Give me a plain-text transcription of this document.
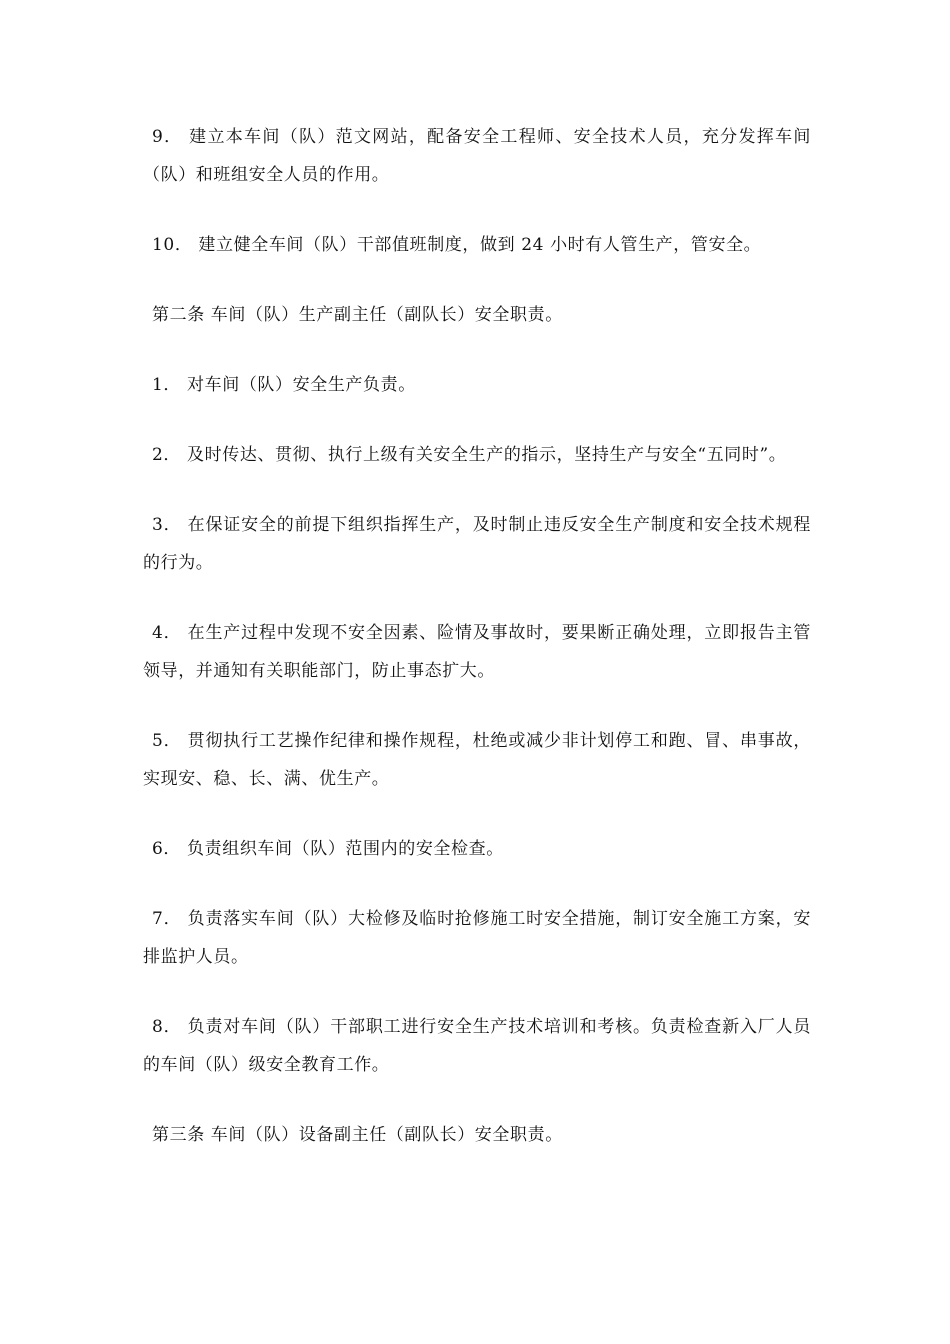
9． 建立本车间（队）范文网站，配备安全工程师、安全技术人员，充分发挥车间（队）和班组安全人员的作用。

10． 建立健全车间（队）干部值班制度，做到 24 小时有人管生产，管安全。

第二条 车间（队）生产副主任（副队长）安全职责。

1． 对车间（队）安全生产负责。

2． 及时传达、贯彻、执行上级有关安全生产的指示，坚持生产与安全“五同时”。

3． 在保证安全的前提下组织指挥生产，及时制止违反安全生产制度和安全技术规程的行为。

4． 在生产过程中发现不安全因素、险情及事故时，要果断正确处理，立即报告主管领导，并通知有关职能部门，防止事态扩大。

5． 贯彻执行工艺操作纪律和操作规程，杜绝或减少非计划停工和跑、冒、串事故，实现安、稳、长、满、优生产。

6． 负责组织车间（队）范围内的安全检查。

7． 负责落实车间（队）大检修及临时抢修施工时安全措施，制订安全施工方案，安排监护人员。

8． 负责对车间（队）干部职工进行安全生产技术培训和考核。负责检查新入厂人员的车间（队）级安全教育工作。

第三条 车间（队）设备副主任（副队长）安全职责。
